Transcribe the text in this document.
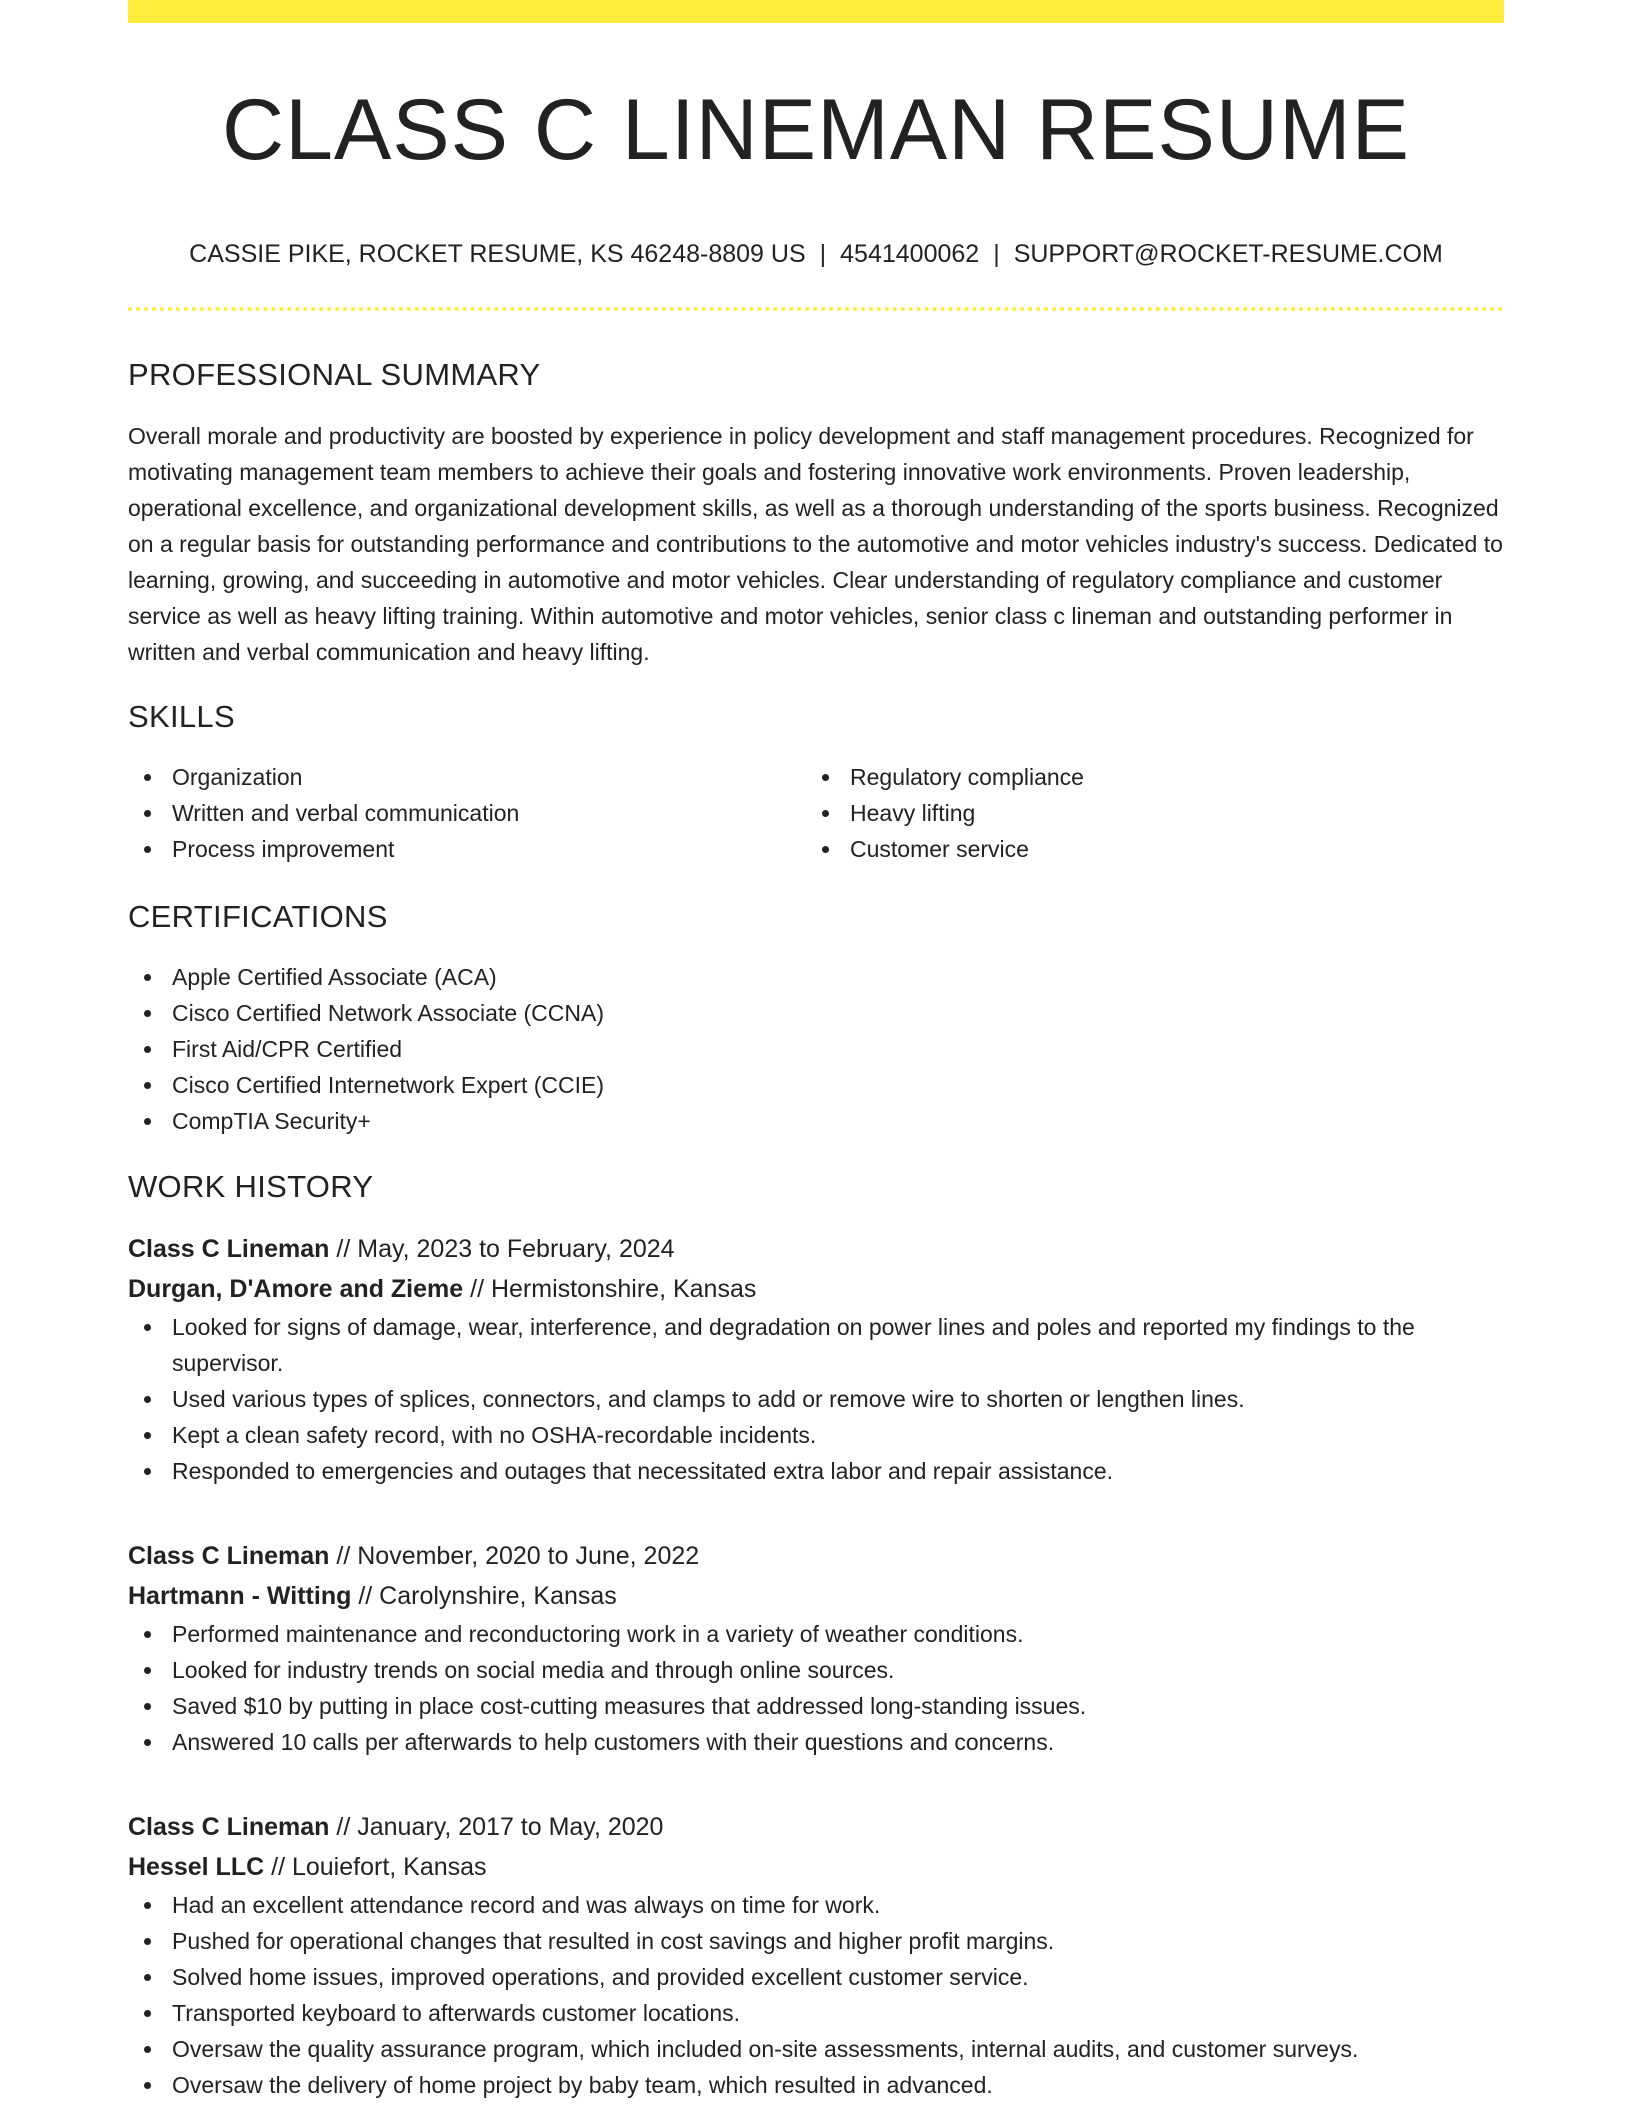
CLASS C LINEMAN RESUME
CASSIE PIKE, ROCKET RESUME, KS 46248-8809 US | 4541400062 | SUPPORT@ROCKET-RESUME.COM
PROFESSIONAL SUMMARY

Overall morale and productivity are boosted by experience in policy development and staff management procedures. Recognized for motivating management team members to achieve their goals and fostering innovative work environments. Proven leadership, operational excellence, and organizational development skills, as well as a thorough understanding of the sports business. Recognized on a regular basis for outstanding performance and contributions to the automotive and motor vehicles industry's success. Dedicated to learning, growing, and succeeding in automotive and motor vehicles. Clear understanding of regulatory compliance and customer service as well as heavy lifting training. Within automotive and motor vehicles, senior class c lineman and outstanding performer in written and verbal communication and heavy lifting.

SKILLS
Organization
Written and verbal communication
Process improvement
Regulatory compliance
Heavy lifting
Customer service
CERTIFICATIONS
Apple Certified Associate (ACA)
Cisco Certified Network Associate (CCNA)
First Aid/CPR Certified
Cisco Certified Internetwork Expert (CCIE)
CompTIA Security+
WORK HISTORY
Class C Lineman // May, 2023 to February, 2024
Durgan, D'Amore and Zieme // Hermistonshire, Kansas
Looked for signs of damage, wear, interference, and degradation on power lines and poles and reported my findings to the supervisor.
Used various types of splices, connectors, and clamps to add or remove wire to shorten or lengthen lines.
Kept a clean safety record, with no OSHA-recordable incidents.
Responded to emergencies and outages that necessitated extra labor and repair assistance.
Class C Lineman // November, 2020 to June, 2022
Hartmann - Witting // Carolynshire, Kansas
Performed maintenance and reconductoring work in a variety of weather conditions.
Looked for industry trends on social media and through online sources.
Saved $10 by putting in place cost-cutting measures that addressed long-standing issues.
Answered 10 calls per afterwards to help customers with their questions and concerns.
Class C Lineman // January, 2017 to May, 2020
Hessel LLC // Louiefort, Kansas
Had an excellent attendance record and was always on time for work.
Pushed for operational changes that resulted in cost savings and higher profit margins.
Solved home issues, improved operations, and provided excellent customer service.
Transported keyboard to afterwards customer locations.
Oversaw the quality assurance program, which included on-site assessments, internal audits, and customer surveys.
Oversaw the delivery of home project by baby team, which resulted in advanced.
